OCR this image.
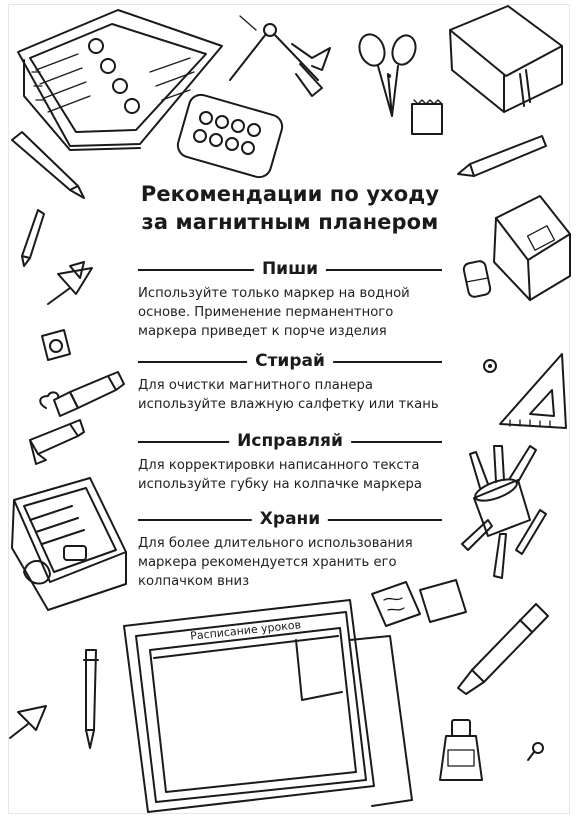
Рекомендации по уходу
за магнитным планером
Пиши
Используйте только маркер на водной
основе. Применение перманентного
маркера приведет к порче изделия
Стирай
Для очистки магнитного планера
используйте влажную салфетку или ткань
Исправляй
Для корректировки написанного текста
используйте губку на колпачке маркера
Храни
Для более длительного использования
маркера рекомендуется хранить его
колпачком вниз
Расписание уроков
